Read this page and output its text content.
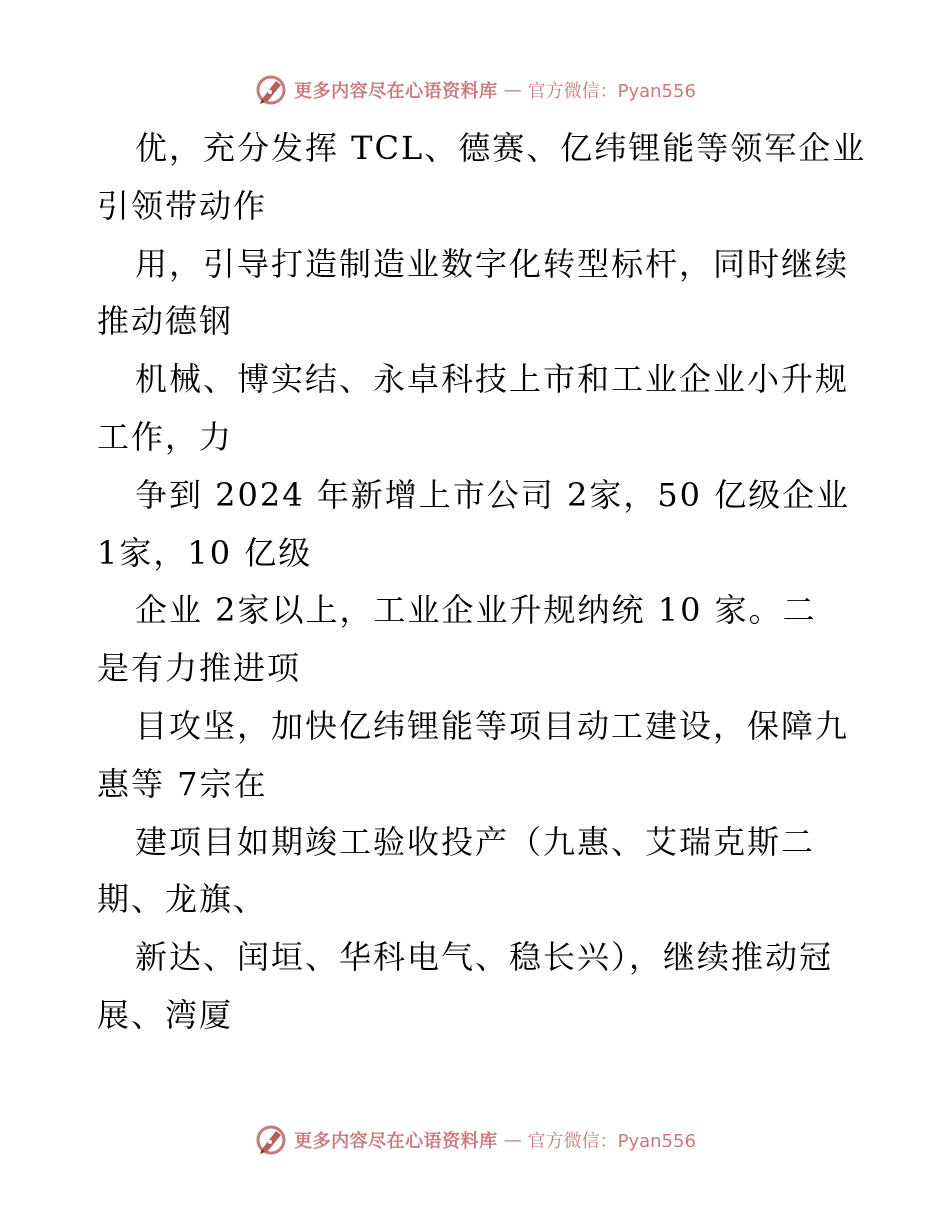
更多内容尽在心语资料库 — 官方微信：Pyan556
优，充分发挥 TCL、德赛、亿纬锂能等领军企业
引领带动作
用，引导打造制造业数字化转型标杆，同时继续
推动德钢
机械、博实结、永卓科技上市和工业企业小升规
工作，力
争到 2024 年新增上市公司 2家，50 亿级企业
1家，10 亿级
企业 2家以上，工业企业升规纳统 10 家。二
是有力推进项
目攻坚，加快亿纬锂能等项目动工建设，保障九
惠等 7宗在
建项目如期竣工验收投产（九惠、艾瑞克斯二
期、龙旗、
新达、闰垣、华科电气、稳长兴），继续推动冠
展、湾厦
更多内容尽在心语资料库 — 官方微信：Pyan556
